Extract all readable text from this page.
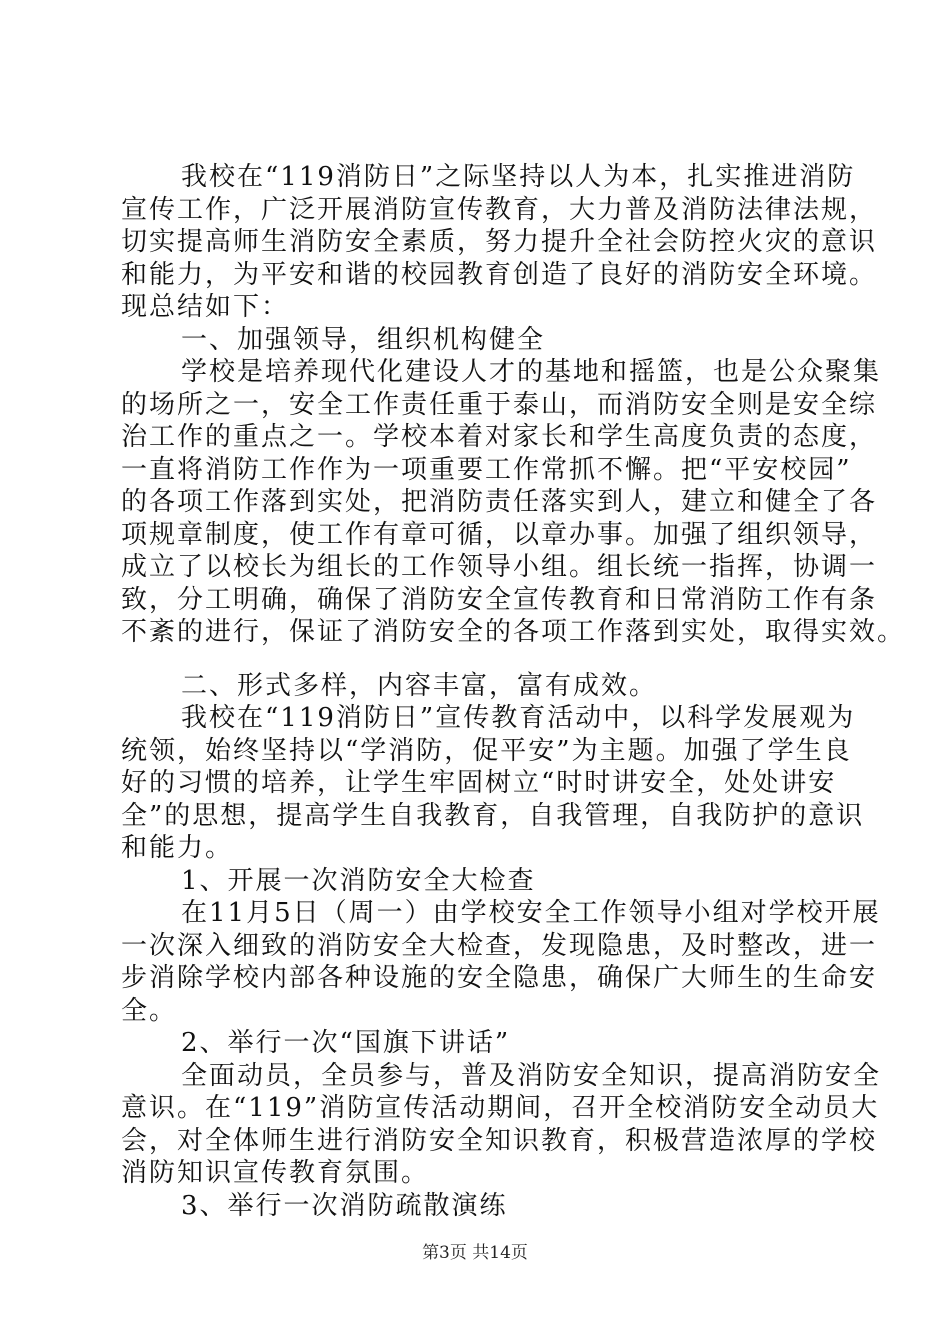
我校在“119消防日”之际坚持以人为本，扎实推进消防
宣传工作，广泛开展消防宣传教育，大力普及消防法律法规，
切实提高师生消防安全素质，努力提升全社会防控火灾的意识
和能力，为平安和谐的校园教育创造了良好的消防安全环境。
现总结如下：
一、加强领导，组织机构健全
学校是培养现代化建设人才的基地和摇篮，也是公众聚集
的场所之一，安全工作责任重于泰山，而消防安全则是安全综
治工作的重点之一。学校本着对家长和学生高度负责的态度，
一直将消防工作作为一项重要工作常抓不懈。把“平安校园”
的各项工作落到实处，把消防责任落实到人，建立和健全了各
项规章制度，使工作有章可循，以章办事。加强了组织领导，
成立了以校长为组长的工作领导小组。组长统一指挥，协调一
致，分工明确，确保了消防安全宣传教育和日常消防工作有条
不紊的进行，保证了消防安全的各项工作落到实处，取得实效。
二、形式多样，内容丰富，富有成效。
我校在“119消防日”宣传教育活动中，以科学发展观为
统领，始终坚持以“学消防，促平安”为主题。加强了学生良
好的习惯的培养，让学生牢固树立“时时讲安全，处处讲安
全”的思想，提高学生自我教育，自我管理，自我防护的意识
和能力。
1、开展一次消防安全大检查
在11月5日（周一）由学校安全工作领导小组对学校开展
一次深入细致的消防安全大检查，发现隐患，及时整改，进一
步消除学校内部各种设施的安全隐患，确保广大师生的生命安
全。
2、举行一次“国旗下讲话”
全面动员，全员参与，普及消防安全知识，提高消防安全
意识。在“119”消防宣传活动期间，召开全校消防安全动员大
会，对全体师生进行消防安全知识教育，积极营造浓厚的学校
消防知识宣传教育氛围。
3、举行一次消防疏散演练
第3页 共14页
